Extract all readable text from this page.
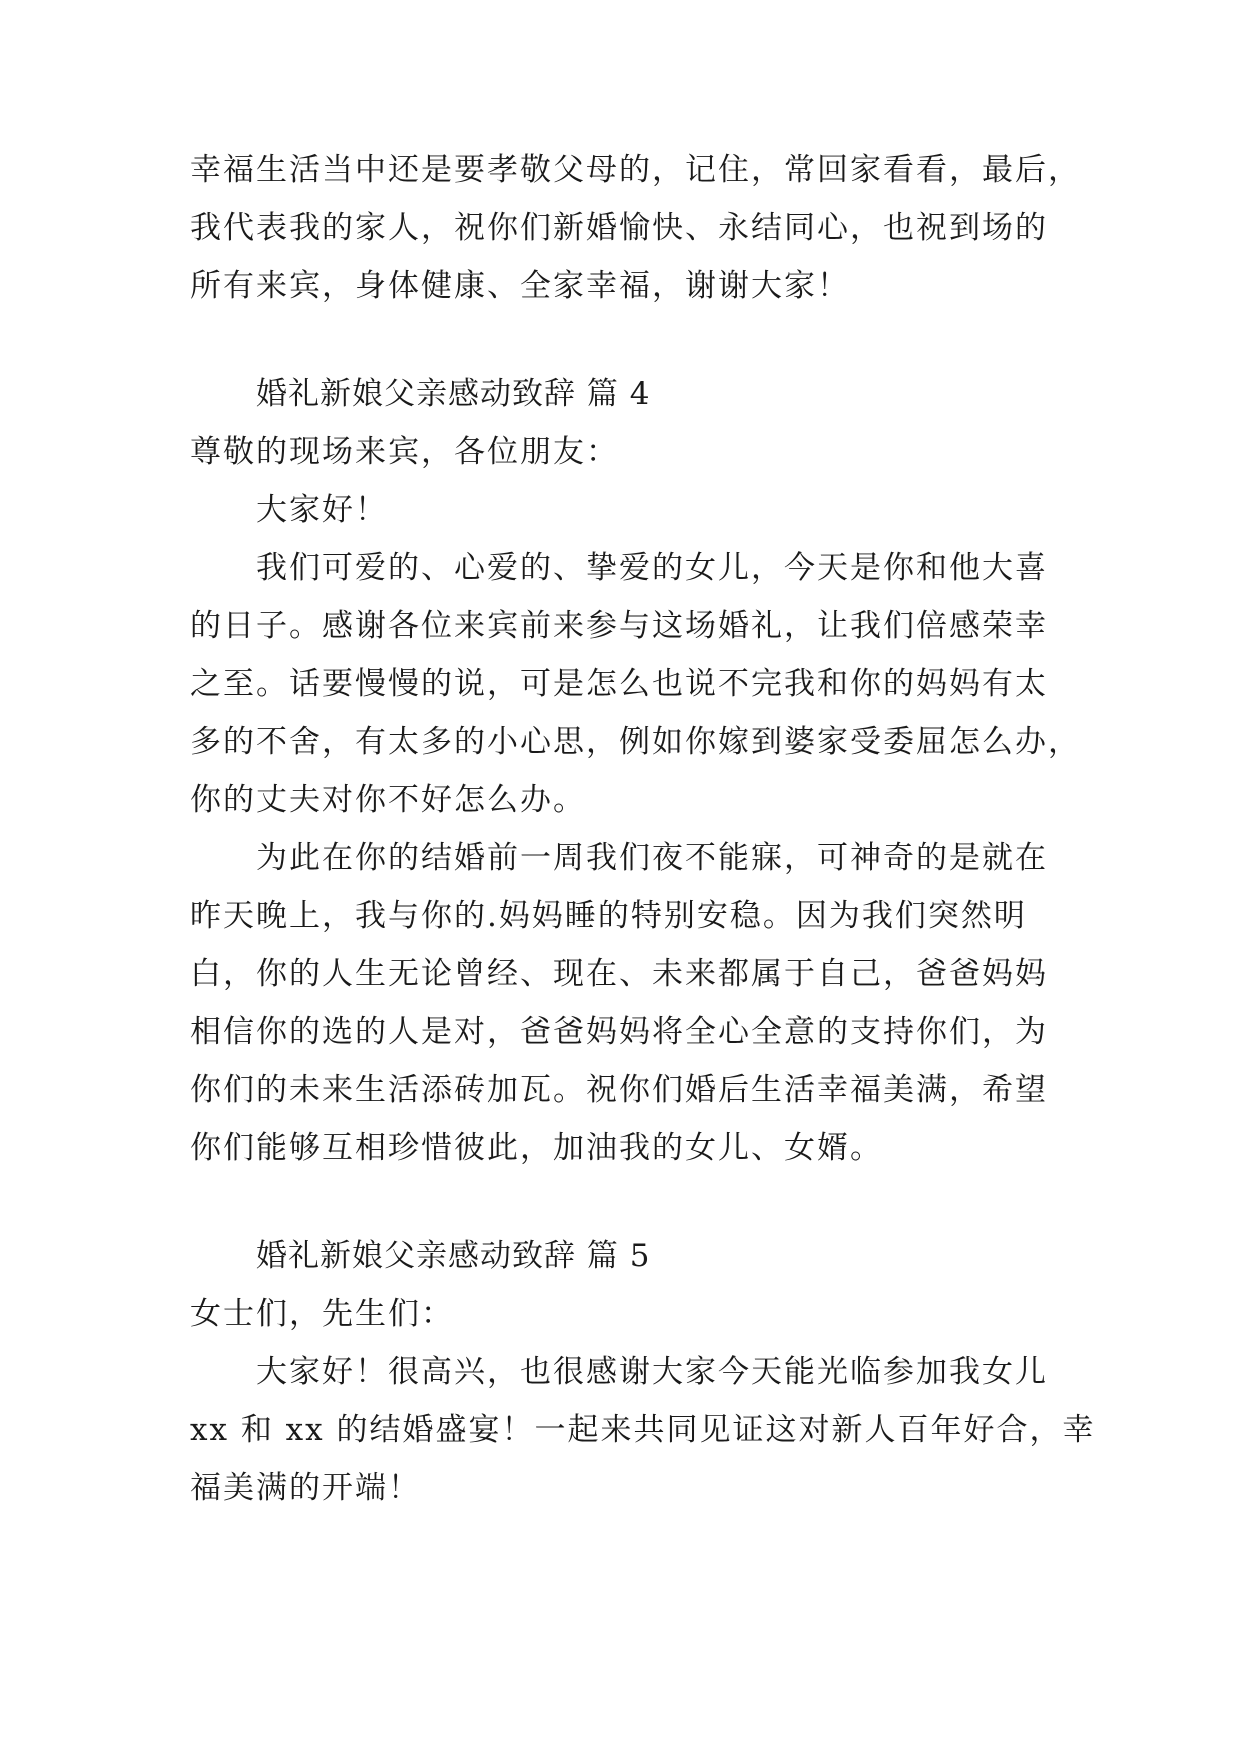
幸福生活当中还是要孝敬父母的，记住，常回家看看，最后，
我代表我的家人，祝你们新婚愉快、永结同心，也祝到场的
所有来宾，身体健康、全家幸福，谢谢大家！
婚礼新娘父亲感动致辞 篇 4
尊敬的现场来宾，各位朋友：
大家好！
我们可爱的、心爱的、挚爱的女儿，今天是你和他大喜
的日子。感谢各位来宾前来参与这场婚礼，让我们倍感荣幸
之至。话要慢慢的说，可是怎么也说不完我和你的妈妈有太
多的不舍，有太多的小心思，例如你嫁到婆家受委屈怎么办，
你的丈夫对你不好怎么办。
为此在你的结婚前一周我们夜不能寐，可神奇的是就在
昨天晚上，我与你的.妈妈睡的特别安稳。因为我们突然明
白，你的人生无论曾经、现在、未来都属于自己，爸爸妈妈
相信你的选的人是对，爸爸妈妈将全心全意的支持你们，为
你们的未来生活添砖加瓦。祝你们婚后生活幸福美满，希望
你们能够互相珍惜彼此，加油我的女儿、女婿。
婚礼新娘父亲感动致辞 篇 5
女士们，先生们：
大家好！很高兴，也很感谢大家今天能光临参加我女儿
xx 和 xx 的结婚盛宴！一起来共同见证这对新人百年好合，幸
福美满的开端！
